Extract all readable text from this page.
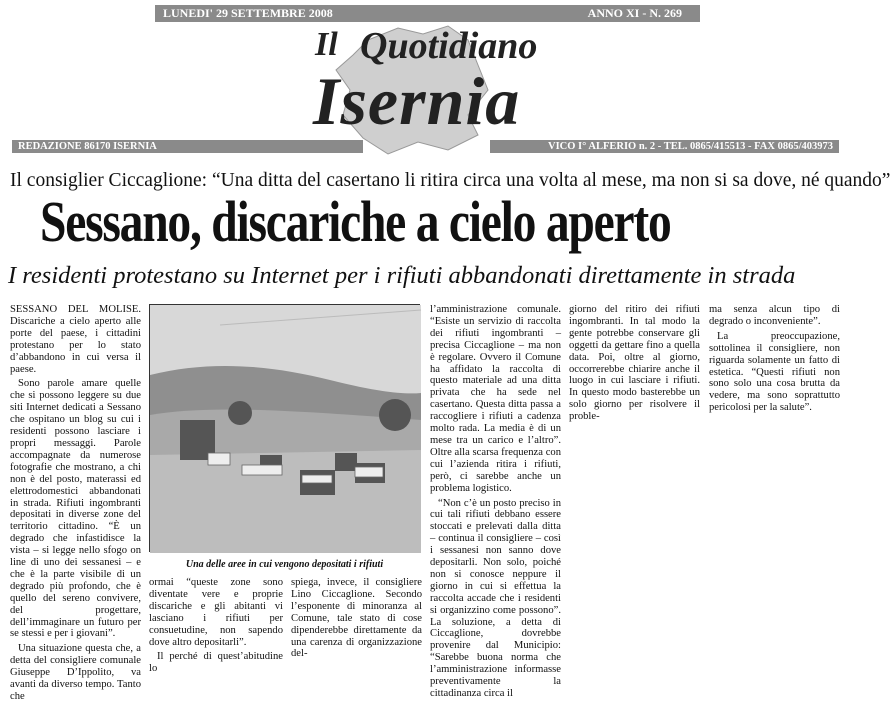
LUNEDI' 29 SETTEMBRE 2008	ANNO XI - N. 269
Il Quotidiano
Isernia
REDAZIONE 86170 ISERNIA	VICO I° ALFERIO n. 2 - TEL. 0865/415513 - FAX 0865/403973
Il consiglier Ciccaglione: “Una ditta del casertano li ritira circa una volta al mese, ma non si sa dove, né quando”
Sessano, discariche a cielo aperto
I residenti protestano su Internet per i rifiuti abbandonati direttamente in strada

SESSANO DEL MOLISE. Discariche a cielo aperto alle porte del paese, i cittadini protestano per lo stato d’abbandono in cui versa il paese.

Sono parole amare quelle che si possono leggere su due siti Internet dedicati a Sessano che ospitano un blog su cui i residenti possono lasciare i propri messaggi. Parole accompagnate da numerose fotografie che mostrano, a chi non è del posto, materassi ed elettrodomestici abbandonati in strada. Rifiuti ingombranti depositati in diverse zone del territorio cittadino. “È un degrado che infastidisce la vista – si legge nello sfogo on line di uno dei sessanesi – e che è la parte visibile di un degrado più profondo, che è quello del sereno convivere, del progettare, dell’immaginare un futuro per se stessi e per i giovani”.

Una situazione questa che, a detta del consigliere comunale Giuseppe D’Ippolito, va avanti da diverso tempo. Tanto che

Una delle aree in cui vengono depositati i rifiuti

ormai “queste zone sono diventate vere e proprie discariche e gli abitanti vi lasciano i rifiuti per consuetudine, non sapendo dove altro depositarli”.

Il perché di quest’abitudine lo

spiega, invece, il consigliere Lino Ciccaglione. Secondo l’esponente di minoranza al Comune, tale stato di cose dipenderebbe direttamente da una carenza di organizzazione del-

l’amministrazione comunale. “Esiste un servizio di raccolta dei rifiuti ingombranti – precisa Ciccaglione – ma non è regolare. Ovvero il Comune ha affidato la raccolta di questo materiale ad una ditta privata che ha sede nel casertano. Questa ditta passa a raccogliere i rifiuti a cadenza molto rada. La media è di un mese tra un carico e l’altro”. Oltre alla scarsa frequenza con cui l’azienda ritira i rifiuti, però, ci sarebbe anche un problema logistico.

“Non c’è un posto preciso in cui tali rifiuti debbano essere stoccati e prelevati dalla ditta – continua il consigliere – così i sessanesi non sanno dove depositarli. Non solo, poiché non si conosce neppure il giorno in cui si effettua la raccolta accade che i residenti si organizzino come possono”. La soluzione, a detta di Ciccaglione, dovrebbe provenire dal Municipio: “Sarebbe buona norma che l’amministrazione informasse preventivamente la cittadinanza circa il

giorno del ritiro dei rifiuti ingombranti. In tal modo la gente potrebbe conservare gli oggetti da gettare fino a quella data. Poi, oltre al giorno, occorrerebbe chiarire anche il luogo in cui lasciare i rifiuti. In questo modo basterebbe un solo giorno per risolvere il proble-

ma senza alcun tipo di degrado o inconveniente”.

La preoccupazione, sottolinea il consigliere, non riguarda solamente un fatto di estetica. “Questi rifiuti non sono solo una cosa brutta da vedere, ma sono soprattutto pericolosi per la salute”.
